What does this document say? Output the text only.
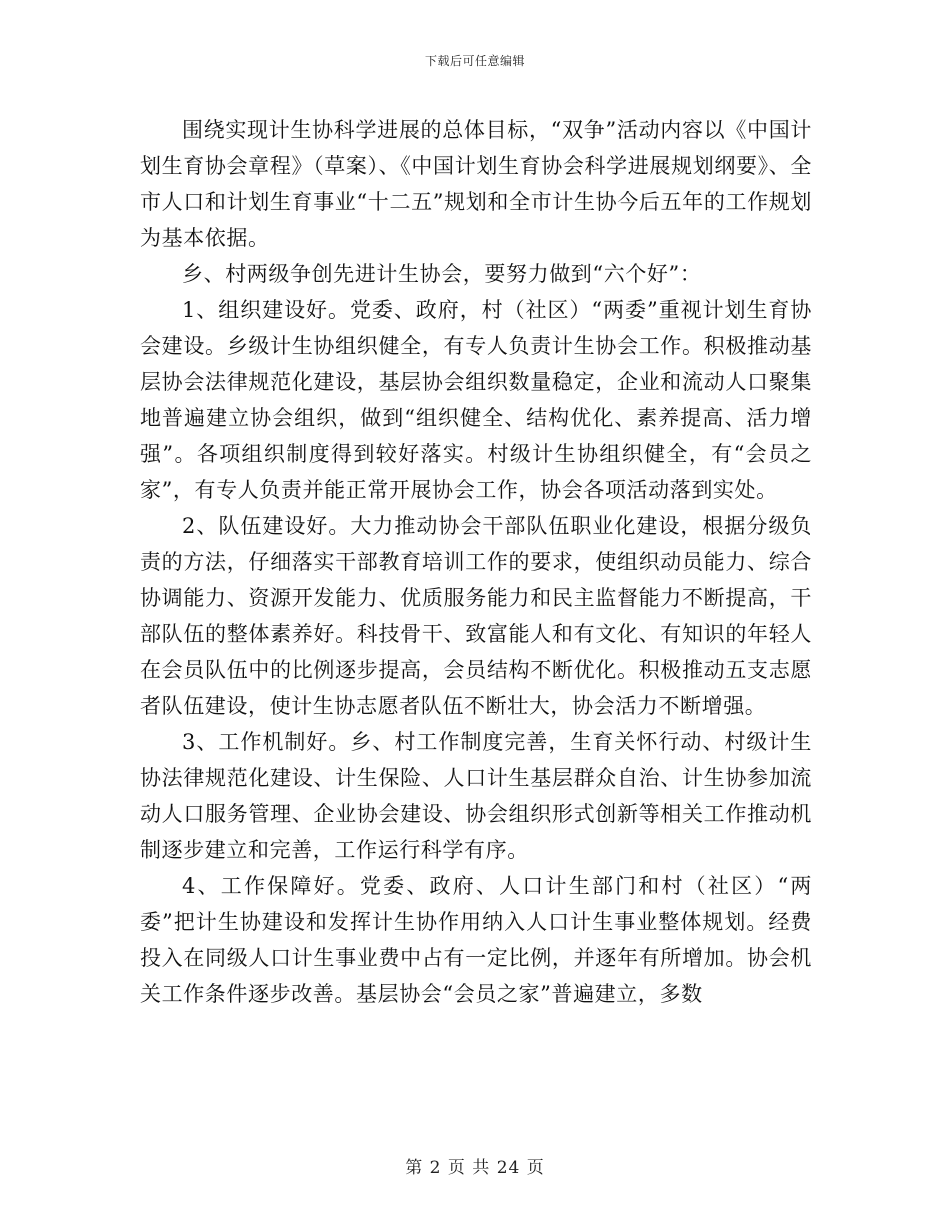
下载后可任意编辑

围绕实现计生协科学进展的总体目标，“双争”活动内容以《中国计划生育协会章程》（草案）、《中国计划生育协会科学进展规划纲要》、全市人口和计划生育事业“十二五”规划和全市计生协今后五年的工作规划为基本依据。

乡、村两级争创先进计生协会，要努力做到“六个好”：

1、组织建设好。党委、政府，村（社区）“两委”重视计划生育协会建设。乡级计生协组织健全，有专人负责计生协会工作。积极推动基层协会法律规范化建设，基层协会组织数量稳定，企业和流动人口聚集地普遍建立协会组织，做到“组织健全、结构优化、素养提高、活力增强”。各项组织制度得到较好落实。村级计生协组织健全，有“会员之家”，有专人负责并能正常开展协会工作，协会各项活动落到实处。

2、队伍建设好。大力推动协会干部队伍职业化建设，根据分级负责的方法，仔细落实干部教育培训工作的要求，使组织动员能力、综合协调能力、资源开发能力、优质服务能力和民主监督能力不断提高，干部队伍的整体素养好。科技骨干、致富能人和有文化、有知识的年轻人在会员队伍中的比例逐步提高，会员结构不断优化。积极推动五支志愿者队伍建设，使计生协志愿者队伍不断壮大，协会活力不断增强。

3、工作机制好。乡、村工作制度完善，生育关怀行动、村级计生协法律规范化建设、计生保险、人口计生基层群众自治、计生协参加流动人口服务管理、企业协会建设、协会组织形式创新等相关工作推动机制逐步建立和完善，工作运行科学有序。

4、工作保障好。党委、政府、人口计生部门和村（社区）“两委”把计生协建设和发挥计生协作用纳入人口计生事业整体规划。经费投入在同级人口计生事业费中占有一定比例，并逐年有所增加。协会机关工作条件逐步改善。基层协会“会员之家”普遍建立，多数

第 2 页 共 24 页
